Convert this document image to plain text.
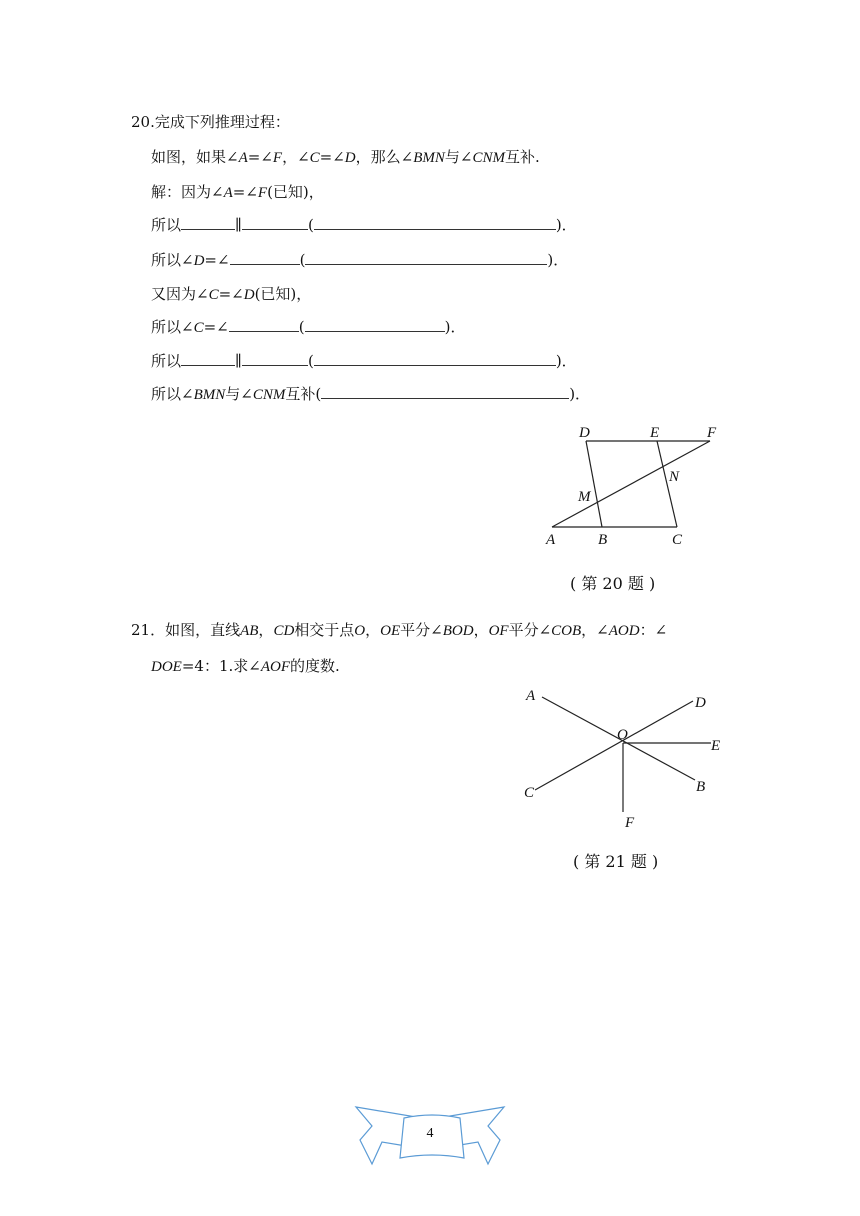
20.完成下列推理过程：
如图，如果∠A=∠F，∠C=∠D，那么∠BMN与∠CNM互补.
解：因为∠A=∠F(已知)，
所以	∥	(	)．
所以∠D=∠	(	)．
又因为∠C=∠D(已知)，
所以∠C=∠	(	)．
所以	∥	(	)．
所以∠BMN与∠CNM互补(	)．
D	E	F
N
M
A	B	C
( 第 20 题 )
21．如图，直线AB，CD相交于点O，OE平分∠BOD，OF平分∠COB，∠AOD：∠
DOE=4：1.求∠AOF的度数.
A	D
O
E
C	B
F
( 第 21 题 )
4
